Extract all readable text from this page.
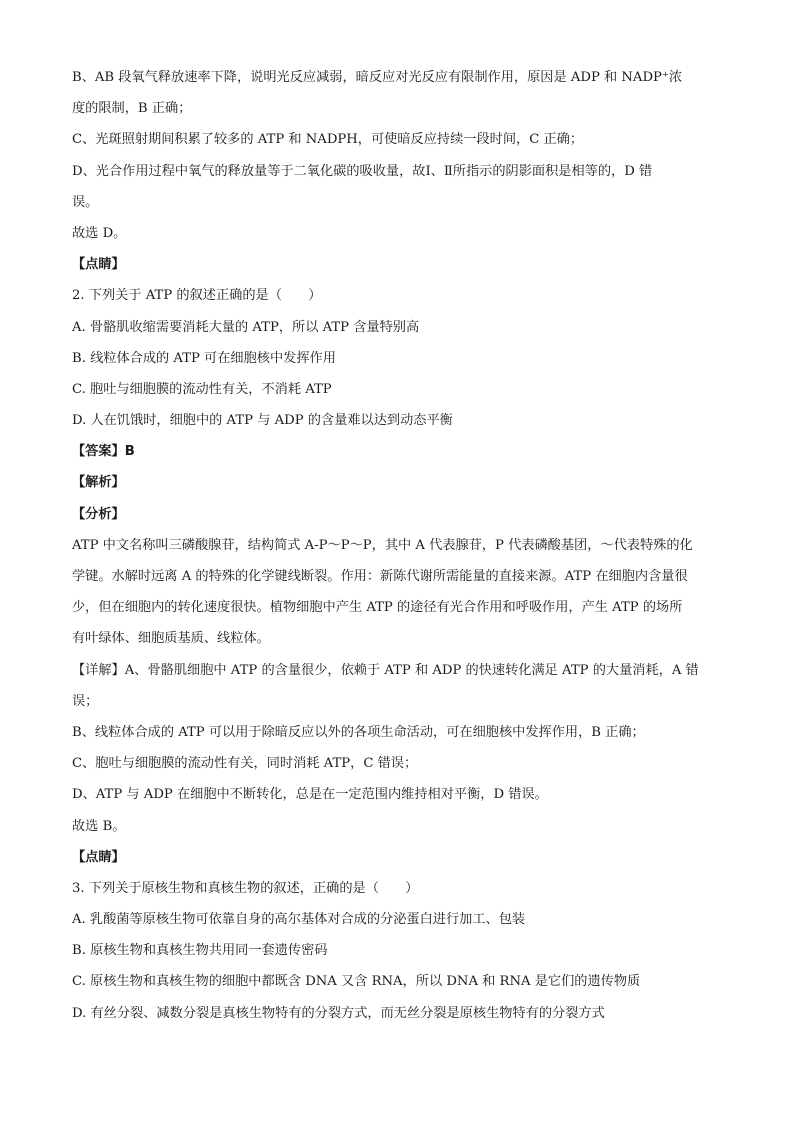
B、AB 段氧气释放速率下降，说明光反应减弱，暗反应对光反应有限制作用，原因是 ADP 和 NADP⁺浓
度的限制，B 正确；
C、光斑照射期间积累了较多的 ATP 和 NADPH，可使暗反应持续一段时间，C 正确；
D、光合作用过程中氧气的释放量等于二氧化碳的吸收量，故Ⅰ、Ⅱ所指示的阴影面积是相等的，D 错
误。
故选 D。
【点睛】
2. 下列关于 ATP 的叙述正确的是（　　）
A. 骨骼肌收缩需要消耗大量的 ATP，所以 ATP 含量特别高
B. 线粒体合成的 ATP 可在细胞核中发挥作用
C. 胞吐与细胞膜的流动性有关，不消耗 ATP
D. 人在饥饿时，细胞中的 ATP 与 ADP 的含量难以达到动态平衡
【答案】B
【解析】
【分析】
ATP 中文名称叫三磷酸腺苷，结构简式 A-P～P～P，其中 A 代表腺苷，P 代表磷酸基团，～代表特殊的化
学键。水解时远离 A 的特殊的化学键线断裂。作用：新陈代谢所需能量的直接来源。ATP 在细胞内含量很
少，但在细胞内的转化速度很快。植物细胞中产生 ATP 的途径有光合作用和呼吸作用，产生 ATP 的场所
有叶绿体、细胞质基质、线粒体。
【详解】A、骨骼肌细胞中 ATP 的含量很少，依赖于 ATP 和 ADP 的快速转化满足 ATP 的大量消耗，A 错
误；
B、线粒体合成的 ATP 可以用于除暗反应以外的各项生命活动，可在细胞核中发挥作用，B 正确；
C、胞吐与细胞膜的流动性有关，同时消耗 ATP，C 错误；
D、ATP 与 ADP 在细胞中不断转化，总是在一定范围内维持相对平衡，D 错误。
故选 B。
【点睛】
3. 下列关于原核生物和真核生物的叙述，正确的是（　　）
A. 乳酸菌等原核生物可依靠自身的高尔基体对合成的分泌蛋白进行加工、包装
B. 原核生物和真核生物共用同一套遗传密码
C. 原核生物和真核生物的细胞中都既含 DNA 又含 RNA，所以 DNA 和 RNA 是它们的遗传物质
D. 有丝分裂、减数分裂是真核生物特有的分裂方式，而无丝分裂是原核生物特有的分裂方式
